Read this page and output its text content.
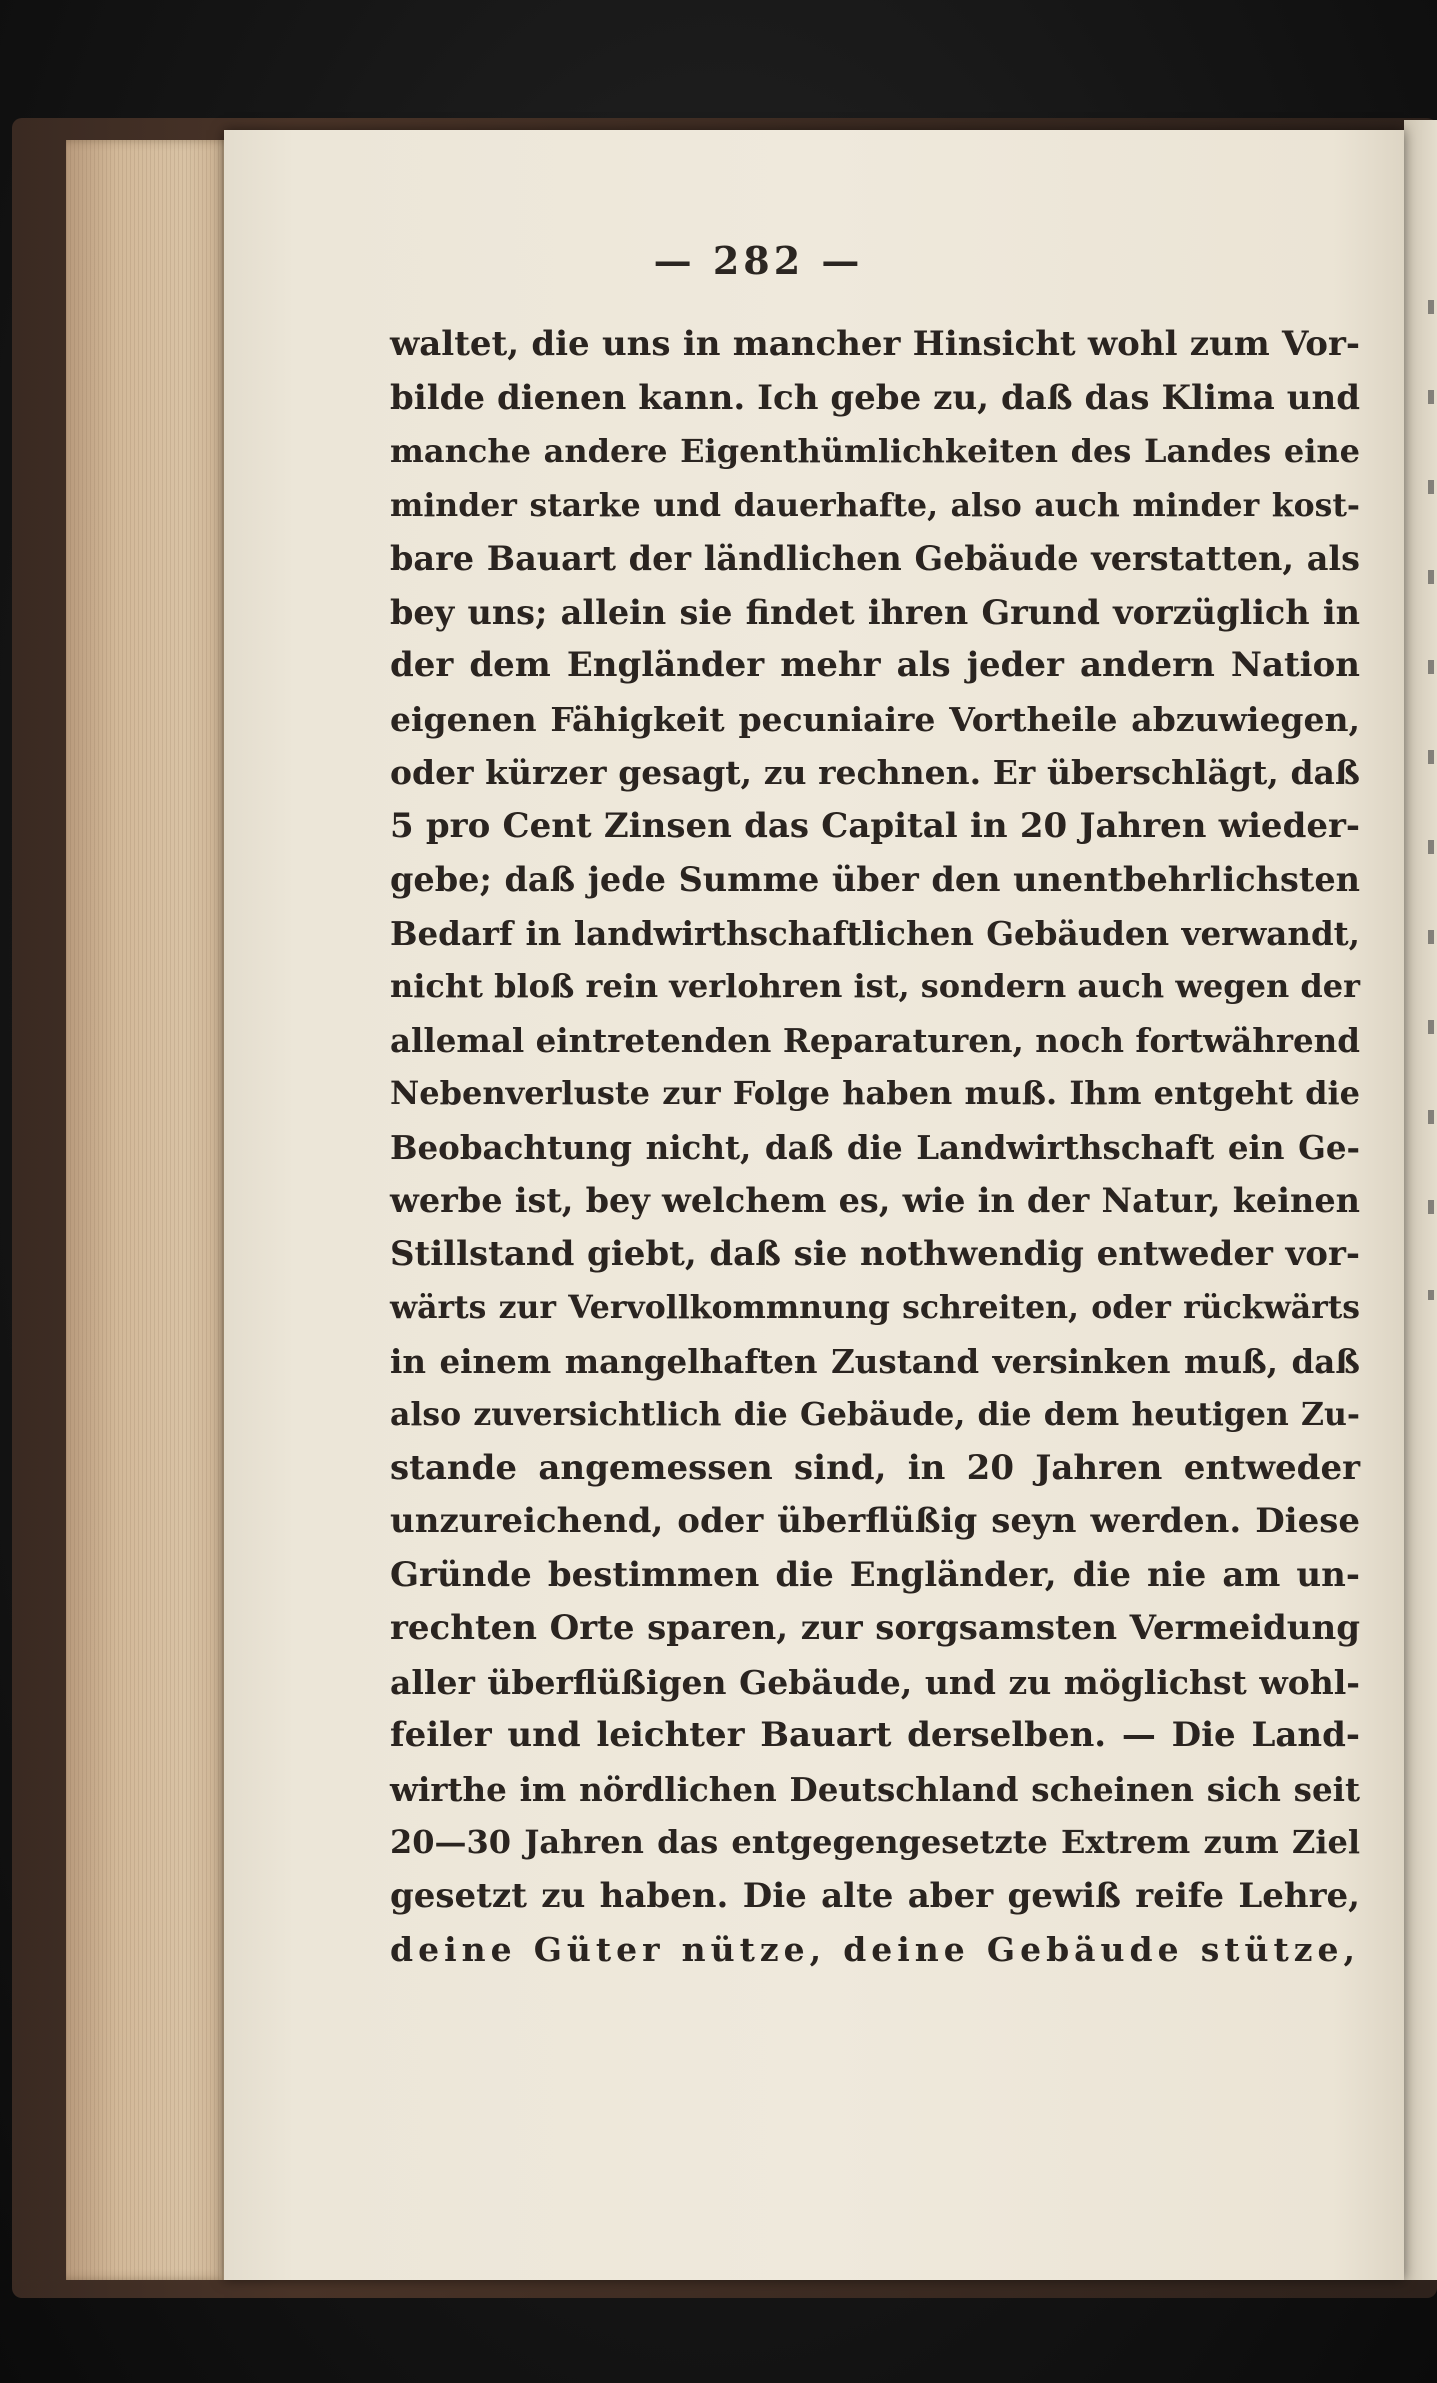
— 282 —
waltet, die uns in mancher Hinsicht wohl zum Vor-
bilde dienen kann. Ich gebe zu, daß das Klima und
manche andere Eigenthümlichkeiten des Landes eine
minder starke und dauerhafte, also auch minder kost-
bare Bauart der ländlichen Gebäude verstatten, als
bey uns; allein sie findet ihren Grund vorzüglich in
der dem Engländer mehr als jeder andern Nation
eigenen Fähigkeit pecuniaire Vortheile abzuwiegen,
oder kürzer gesagt, zu rechnen. Er überschlägt, daß
5 pro Cent Zinsen das Capital in 20 Jahren wieder-
gebe; daß jede Summe über den unentbehrlichsten
Bedarf in landwirthschaftlichen Gebäuden verwandt,
nicht bloß rein verlohren ist, sondern auch wegen der
allemal eintretenden Reparaturen, noch fortwährend
Nebenverluste zur Folge haben muß. Ihm entgeht die
Beobachtung nicht, daß die Landwirthschaft ein Ge-
werbe ist, bey welchem es, wie in der Natur, keinen
Stillstand giebt, daß sie nothwendig entweder vor-
wärts zur Vervollkommnung schreiten, oder rückwärts
in einem mangelhaften Zustand versinken muß, daß
also zuversichtlich die Gebäude, die dem heutigen Zu-
stande angemessen sind, in 20 Jahren entweder
unzureichend, oder überflüßig seyn werden. Diese
Gründe bestimmen die Engländer, die nie am un-
rechten Orte sparen, zur sorgsamsten Vermeidung
aller überflüßigen Gebäude, und zu möglichst wohl-
feiler und leichter Bauart derselben. — Die Land-
wirthe im nördlichen Deutschland scheinen sich seit
20—30 Jahren das entgegengesetzte Extrem zum Ziel
gesetzt zu haben. Die alte aber gewiß reife Lehre,
deine Güter nütze, deine Gebäude stütze,
